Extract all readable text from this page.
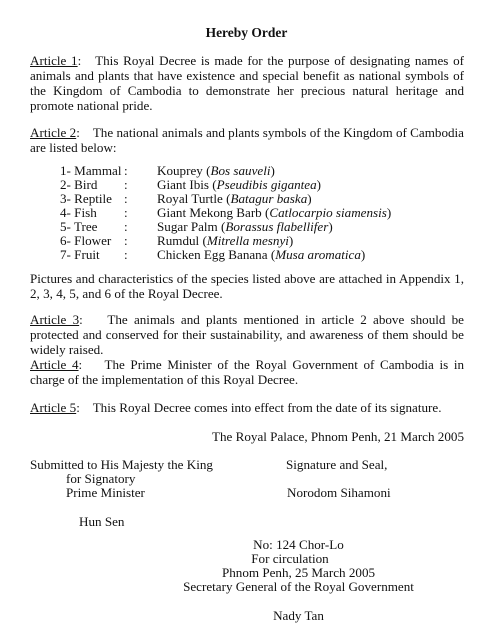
Hereby Order
Article 1:   This Royal Decree is made for the purpose of designating names of animals and plants that have existence and special benefit as national symbols of the Kingdom of Cambodia to demonstrate her precious natural heritage and promote national pride.
Article 2:    The national animals and plants symbols of the Kingdom of Cambodia are listed below:
1- Mammal : Kouprey (Bos sauveli)
2- Bird : Giant Ibis (Pseudibis gigantea)
3- Reptile : Royal Turtle (Batagur baska)
4- Fish : Giant Mekong Barb (Catlocarpio siamensis)
5- Tree : Sugar Palm (Borassus flabellifer)
6- Flower : Rumdul (Mitrella mesnyi)
7- Fruit : Chicken Egg Banana (Musa aromatica)
Pictures and characteristics of the species listed above are attached in Appendix 1, 2, 3, 4, 5, and 6 of the Royal Decree.
Article 3:    The animals and plants mentioned in article 2 above should be protected and conserved for their sustainability, and awareness of them should be widely raised.
Article 4:    The Prime Minister of the Royal Government of Cambodia is in charge of the implementation of this Royal Decree.
Article 5:    This Royal Decree comes into effect from the date of its signature.
The Royal Palace, Phnom Penh, 21 March 2005
Submitted to His Majesty the King
for Signatory
Prime Minister
Hun Sen
Signature and Seal,
Norodom Sihamoni
No: 124 Chor-Lo
For circulation
Phnom Penh, 25 March 2005
Secretary General of the Royal Government
Nady Tan
